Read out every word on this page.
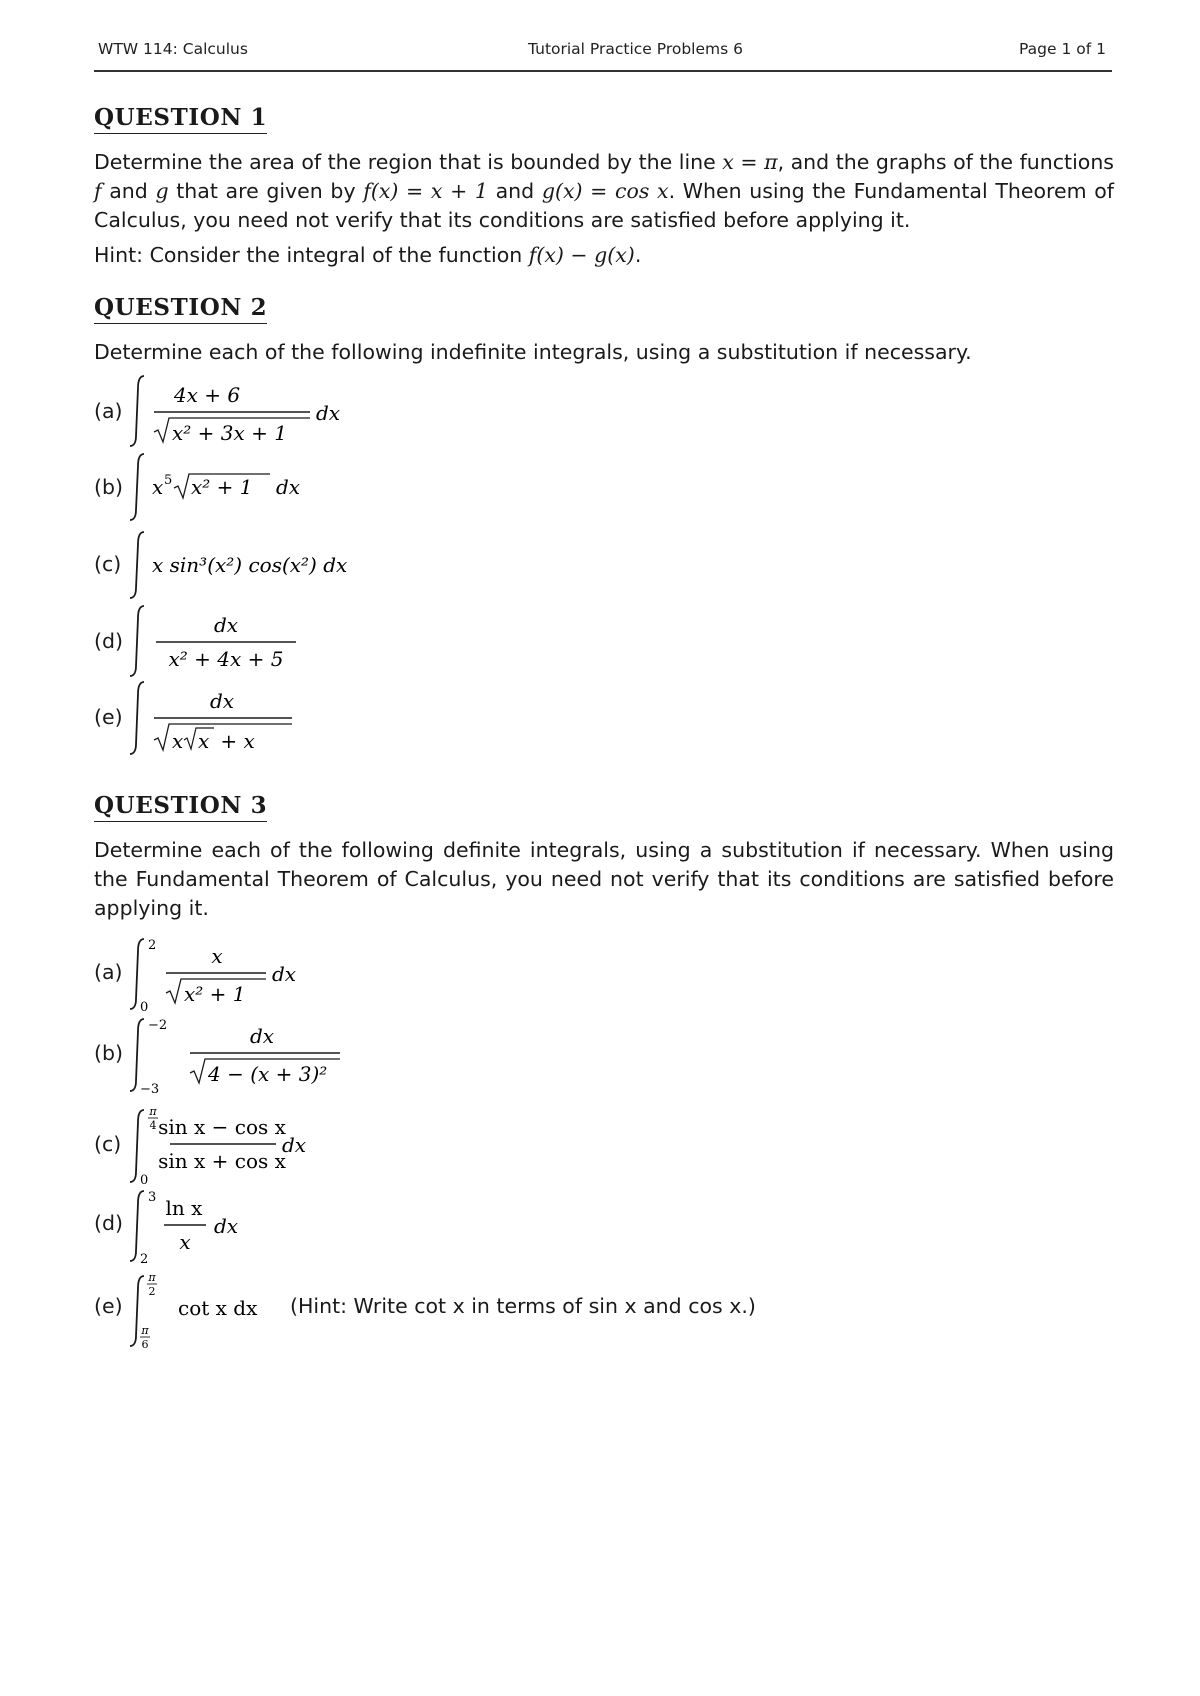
WTW 114: Calculus	Tutorial Practice Problems 6	Page 1 of 1
QUESTION 1
Determine the area of the region that is bounded by the line x = π, and the graphs of the functions f and g that are given by f(x) = x + 1 and g(x) = cos x. When using the Fundamental Theorem of Calculus, you need not verify that its conditions are satisfied before applying it.
Hint: Consider the integral of the function f(x) − g(x).
QUESTION 2
Determine each of the following indefinite integrals, using a substitution if necessary.
(a)
4x + 6
x² + 3x + 1
dx
(b) x 5 x² + 1 dx
(c) x sin³(x²) cos(x²) dx
(d)
dx
x² + 4x + 5
(e)
dx
x x + x
QUESTION 3
Determine each of the following definite integrals, using a substitution if necessary. When using the Fundamental Theorem of Calculus, you need not verify that its conditions are satisfied before applying it.
(a)
2
0
x
x² + 1
dx
(b)
−2
−3
dx
4 − (x + 3)²
(c)
π
4
0
sin x − cos x
sin x + cos x
dx
(d)
3
2
ln x
x
dx
(e)
π
2
π
6
cot x dx (Hint: Write cot x in terms of sin x and cos x.)
